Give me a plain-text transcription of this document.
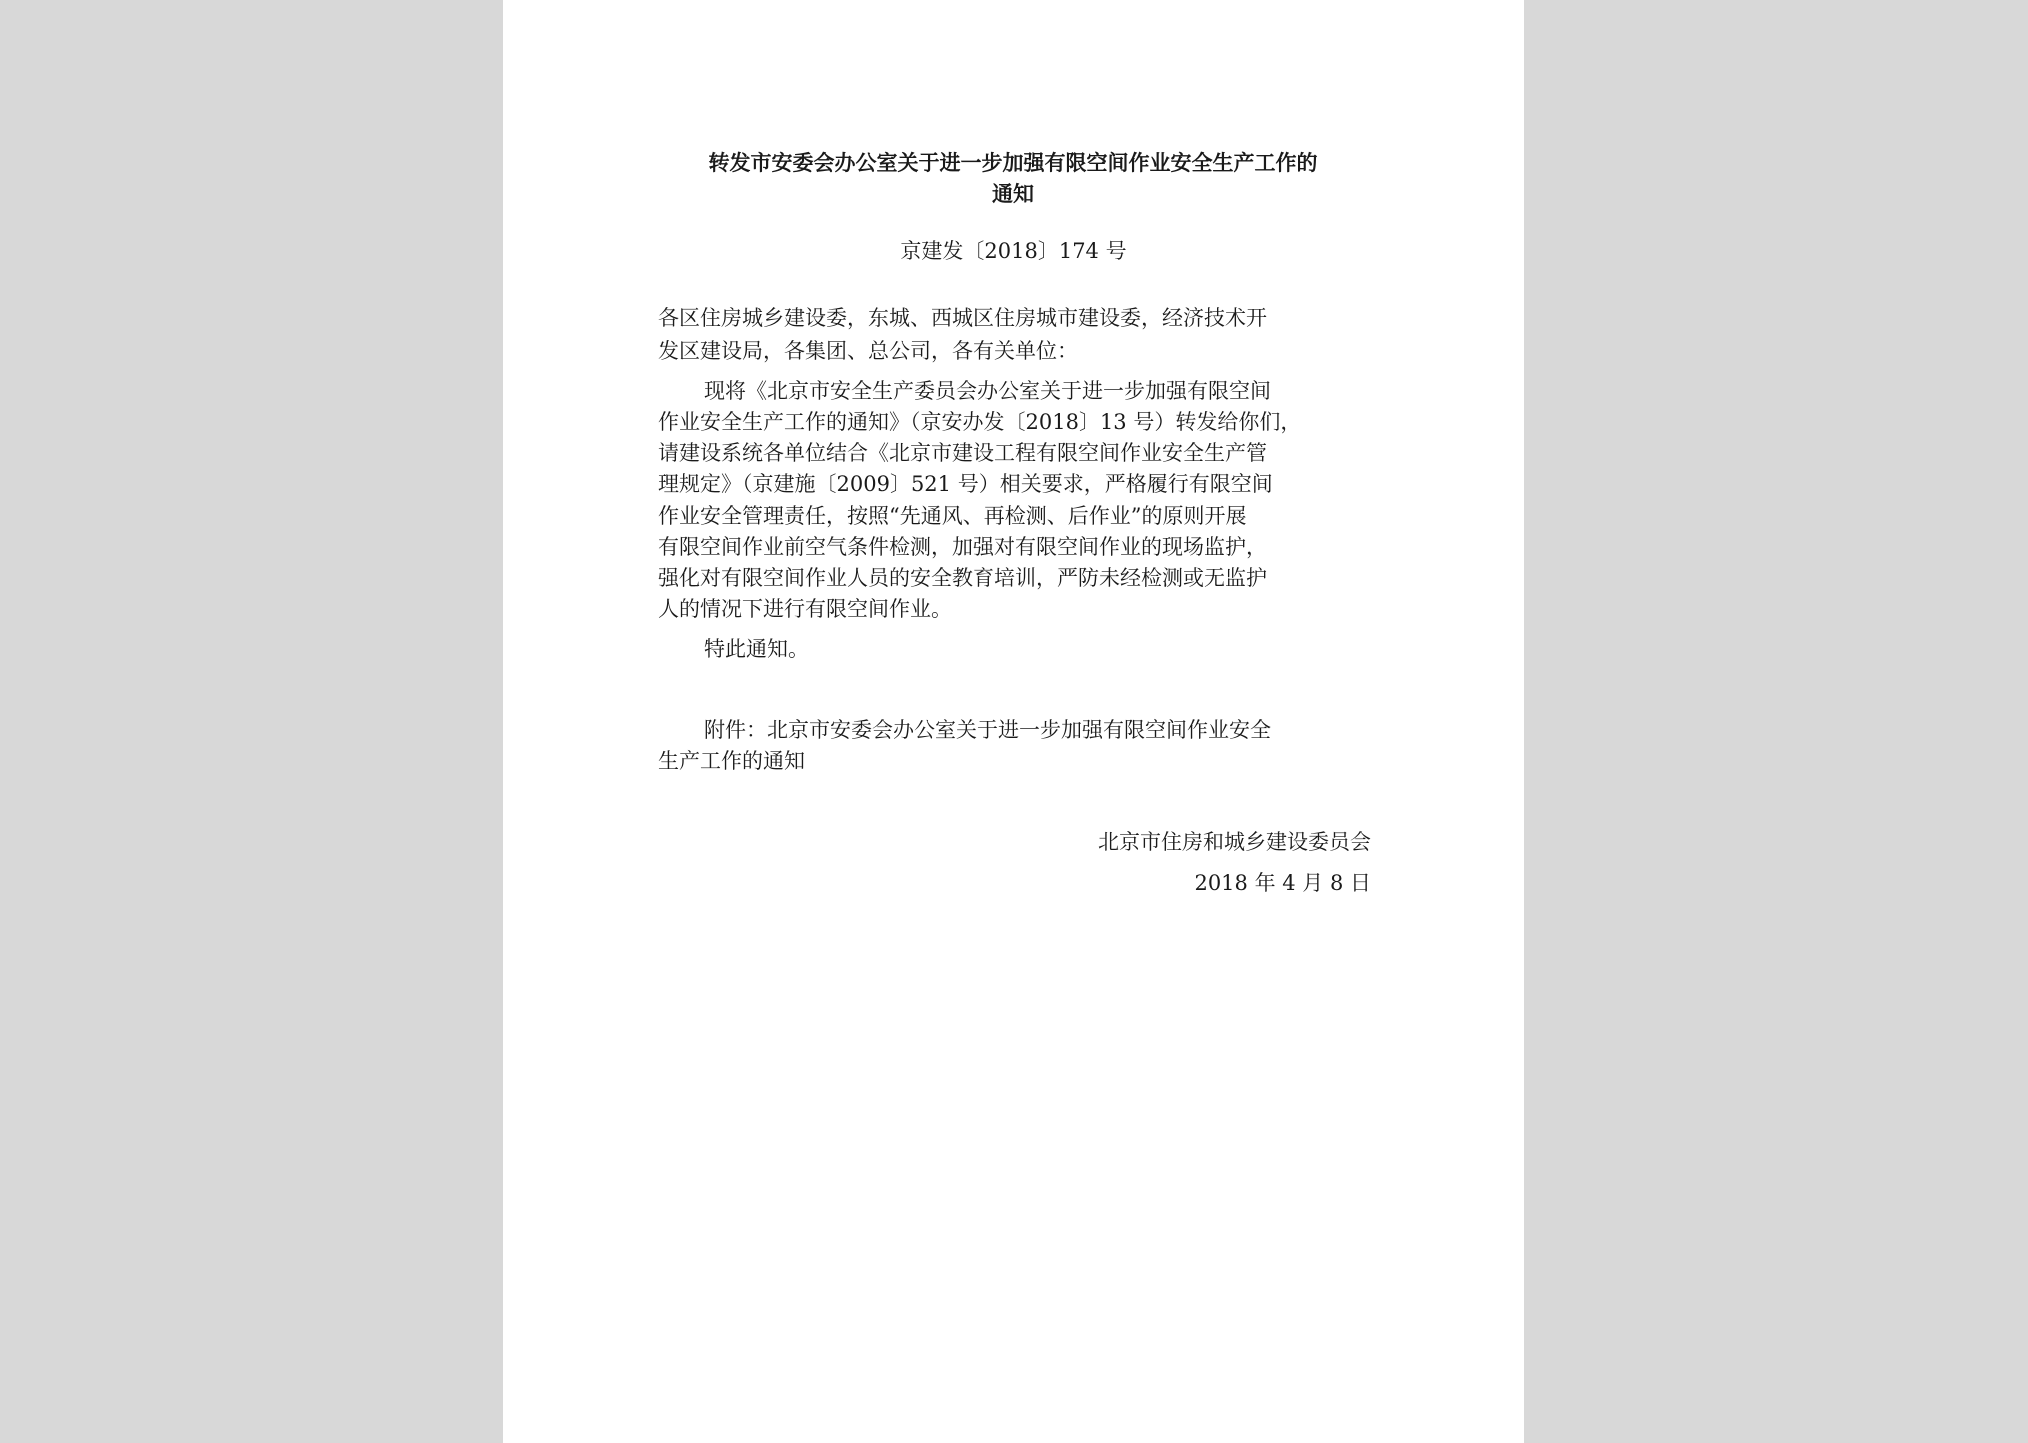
转发市安委会办公室关于进一步加强有限空间作业安全生产工作的

通知

京建发〔2018〕174 号

各区住房城乡建设委，东城、西城区住房城市建设委，经济技术开

发区建设局，各集团、总公司，各有关单位：

现将《北京市安全生产委员会办公室关于进一步加强有限空间

作业安全生产工作的通知》（京安办发〔2018〕13 号）转发给你们，

请建设系统各单位结合《北京市建设工程有限空间作业安全生产管

理规定》（京建施〔2009〕521 号）相关要求，严格履行有限空间

作业安全管理责任，按照“先通风、再检测、后作业”的原则开展

有限空间作业前空气条件检测，加强对有限空间作业的现场监护，

强化对有限空间作业人员的安全教育培训，严防未经检测或无监护

人的情况下进行有限空间作业。

特此通知。

附件：北京市安委会办公室关于进一步加强有限空间作业安全

生产工作的通知

北京市住房和城乡建设委员会

2018 年 4 月 8 日
